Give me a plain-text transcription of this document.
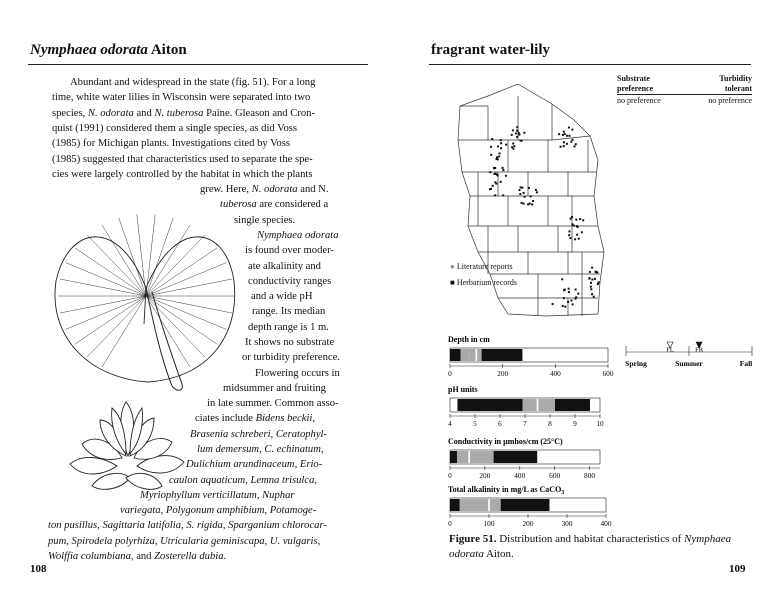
Nymphaea odorata Aiton
Abundant and widespread in the state (fig. 51). For a long
time, white water lilies in Wisconsin were separated into two
species, N. odorata and N. tuberosa Paine. Gleason and Cron-
quist (1991) considered them a single species, as did Voss
(1985) for Michigan plants. Investigations cited by Voss
(1985) suggested that characteristics used to separate the spe-
cies were largely controlled by the habitat in which the plants
grew. Here, N. odorata and N.
tuberosa are considered a
single species.
Nymphaea odorata
is found over moder-
ate alkalinity and
conductivity ranges
and a wide pH
range. Its median
depth range is 1 m.
It shows no substrate
or turbidity preference.
Flowering occurs in
midsummer and fruiting
in late summer. Common asso-
ciates include Bidens beckii,
Brasenia schreberi, Ceratophyl-
lum demersum, C. echinatum,
Dulichium arundinaceum, Erio-
caulon aquaticum, Lemna trisulca,
Myriophyllum verticillatum, Nuphar
variegata, Polygonum amphibium, Potamoge-
ton pusillus, Sagittaria latifolia, S. rigida, Sparganium chlorocar-
pum, Spirodela polyrhiza, Utricularia geminiscapa, U. vulgaris,
Wolffia columbiana, and Zosterella dubia.
108
fragrant water-lily
Substrate
preference
Turbidity
tolerant
no preference	no preference
● Literature reports
■ Herbarium records
Depth in cm
0	200	400	600
pH units
4	5	6	7	8	9	10
Conductivity in µmhos/cm (25°C)
0	200	400	600	800
Total alkalinity in mg/L as CaCO$_3$
0	100	200	300	400
Spring	Summer	Fall
FL	FR
Figure 51. Distribution and habitat characteristics of Nymphaea odorata Aiton.
109
